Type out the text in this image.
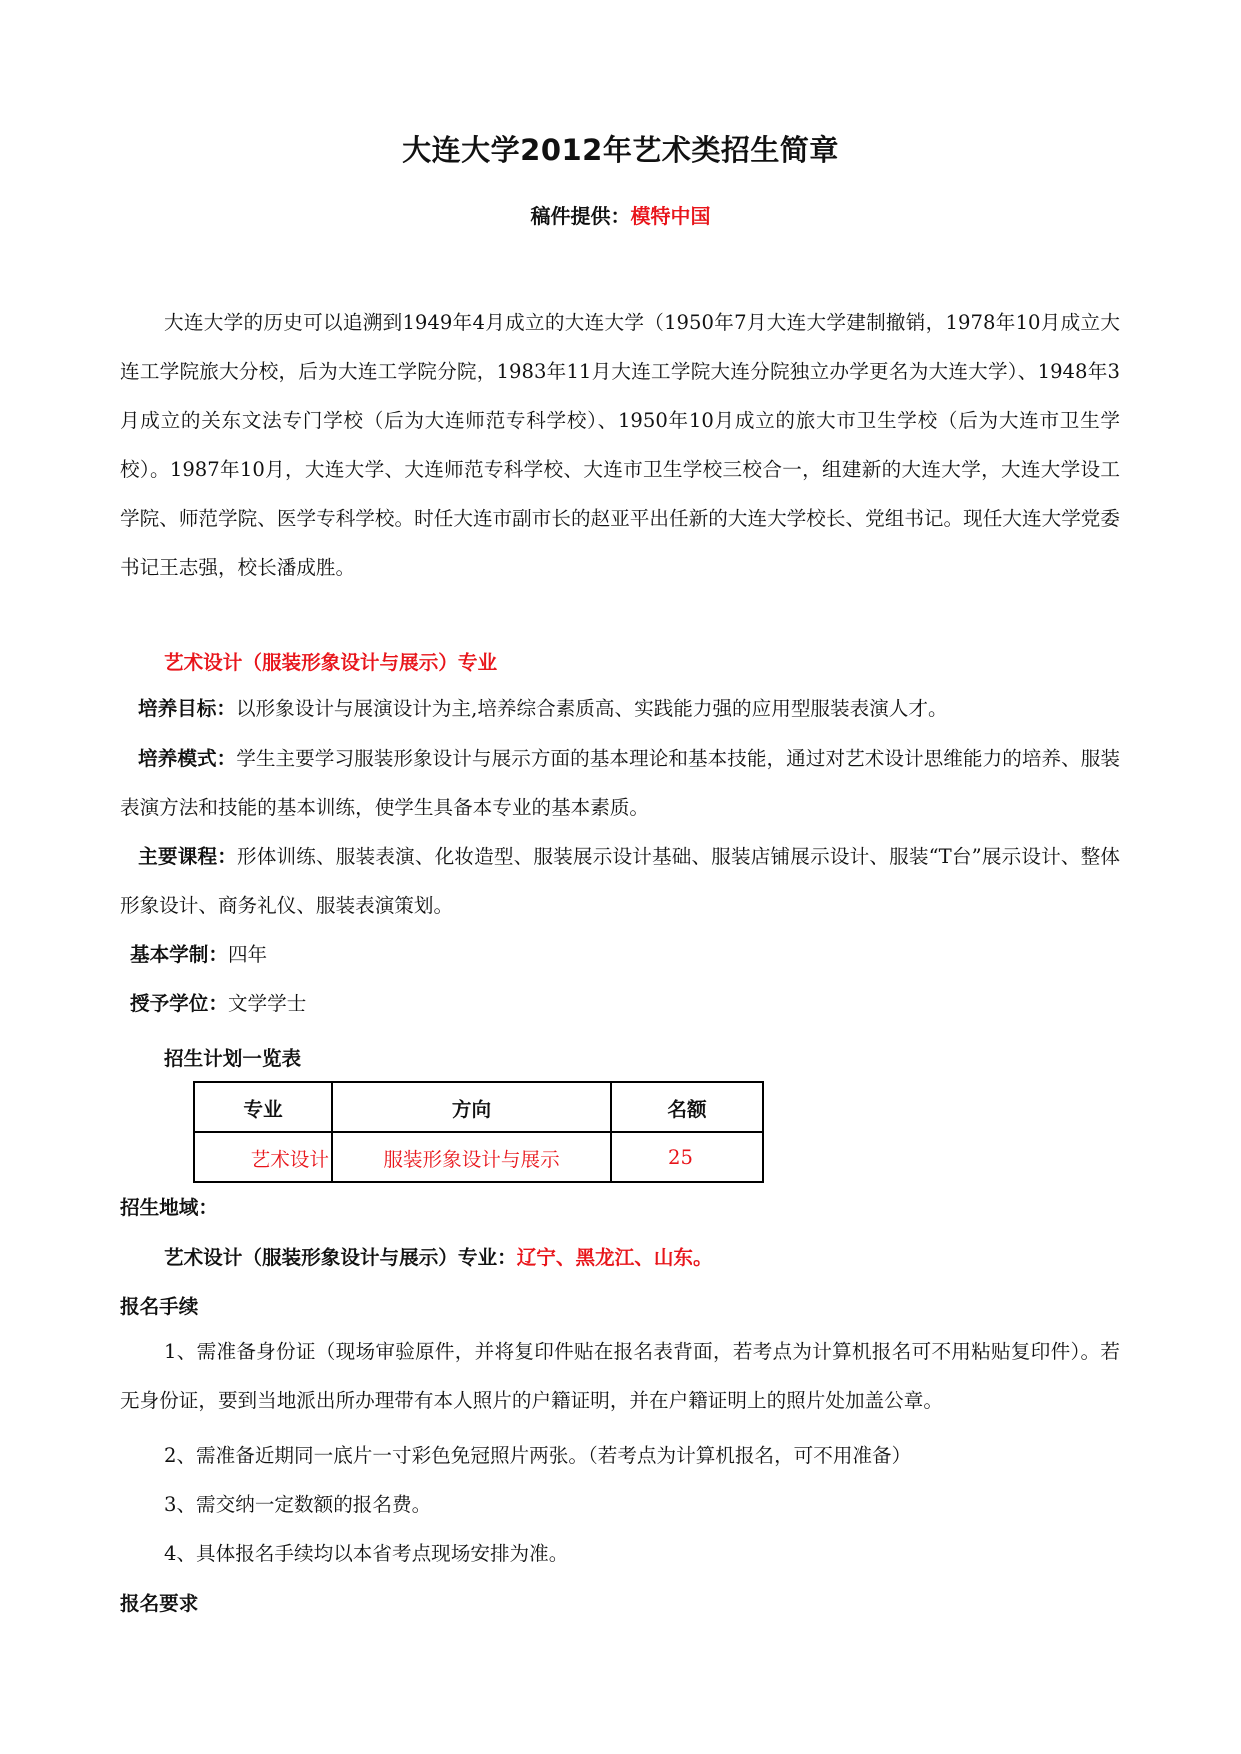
大连大学2012年艺术类招生简章
稿件提供：模特中国
大连大学的历史可以追溯到1949年4月成立的大连大学（1950年7月大连大学建制撤销，1978年10月成立大连工学院旅大分校，后为大连工学院分院，1983年11月大连工学院大连分院独立办学更名为大连大学）、1948年3月成立的关东文法专门学校（后为大连师范专科学校）、1950年10月成立的旅大市卫生学校（后为大连市卫生学校）。1987年10月，大连大学、大连师范专科学校、大连市卫生学校三校合一，组建新的大连大学，大连大学设工学院、师范学院、医学专科学校。时任大连市副市长的赵亚平出任新的大连大学校长、党组书记。现任大连大学党委书记王志强，校长潘成胜。
艺术设计（服装形象设计与展示）专业
培养目标：以形象设计与展演设计为主,培养综合素质高、实践能力强的应用型服装表演人才。
培养模式：学生主要学习服装形象设计与展示方面的基本理论和基本技能，通过对艺术设计思维能力的培养、服装表演方法和技能的基本训练，使学生具备本专业的基本素质。
主要课程：形体训练、服装表演、化妆造型、服装展示设计基础、服装店铺展示设计、服装“T台”展示设计、整体形象设计、商务礼仪、服装表演策划。
基本学制：四年
授予学位：文学学士
招生计划一览表
专业	方向	名额
艺术设计	服装形象设计与展示	25
招生地域：
艺术设计（服装形象设计与展示）专业：辽宁、黑龙江、山东。
报名手续
1、需准备身份证（现场审验原件，并将复印件贴在报名表背面，若考点为计算机报名可不用粘贴复印件）。若无身份证，要到当地派出所办理带有本人照片的户籍证明，并在户籍证明上的照片处加盖公章。
2、需准备近期同一底片一寸彩色免冠照片两张。（若考点为计算机报名，可不用准备）
3、需交纳一定数额的报名费。
4、具体报名手续均以本省考点现场安排为准。
报名要求
